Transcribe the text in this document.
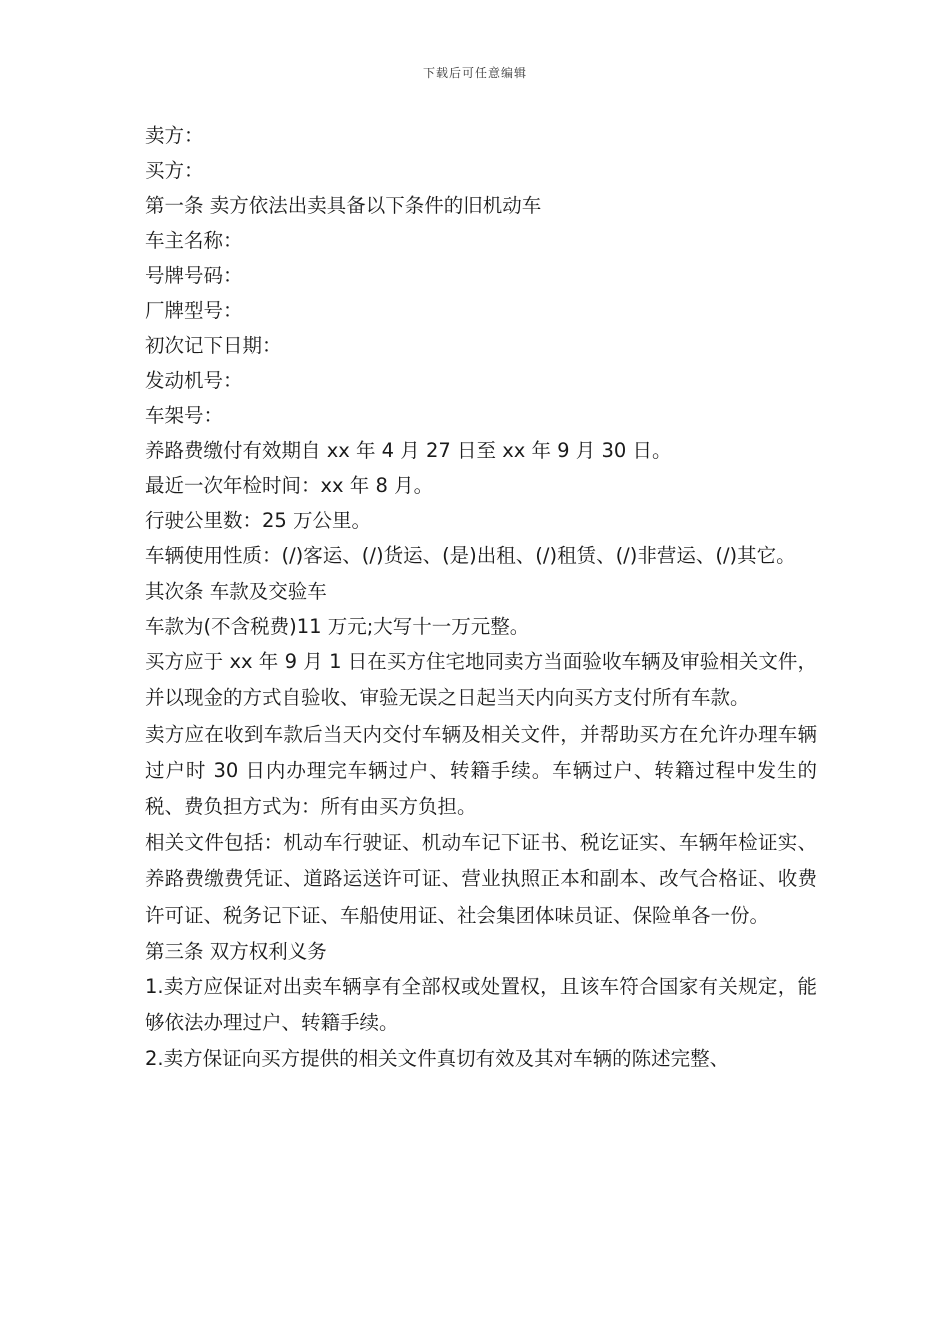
下载后可任意编辑
卖方：
买方：
第一条 卖方依法出卖具备以下条件的旧机动车
车主名称：
号牌号码：
厂牌型号：
初次记下日期：
发动机号：
车架号：
养路费缴付有效期自 xx 年 4 月 27 日至 xx 年 9 月 30 日。
最近一次年检时间：xx 年 8 月。
行驶公里数：25 万公里。
车辆使用性质：(/)客运、(/)货运、(是)出租、(/)租赁、(/)非营运、(/)其它。
其次条 车款及交验车
车款为(不含税费)11 万元;大写十一万元整。
买方应于 xx 年 9 月 1 日在买方住宅地同卖方当面验收车辆及审验相关文件，并以现金的方式自验收、审验无误之日起当天内向买方支付所有车款。
卖方应在收到车款后当天内交付车辆及相关文件，并帮助买方在允许办理车辆过户时 30 日内办理完车辆过户、转籍手续。车辆过户、转籍过程中发生的税、费负担方式为：所有由买方负担。
相关文件包括：机动车行驶证、机动车记下证书、税讫证实、车辆年检证实、养路费缴费凭证、道路运送许可证、营业执照正本和副本、改气合格证、收费许可证、税务记下证、车船使用证、社会集团体味员证、保险单各一份。
第三条 双方权利义务
1.卖方应保证对出卖车辆享有全部权或处置权，且该车符合国家有关规定，能够依法办理过户、转籍手续。
2.卖方保证向买方提供的相关文件真切有效及其对车辆的陈述完整、
